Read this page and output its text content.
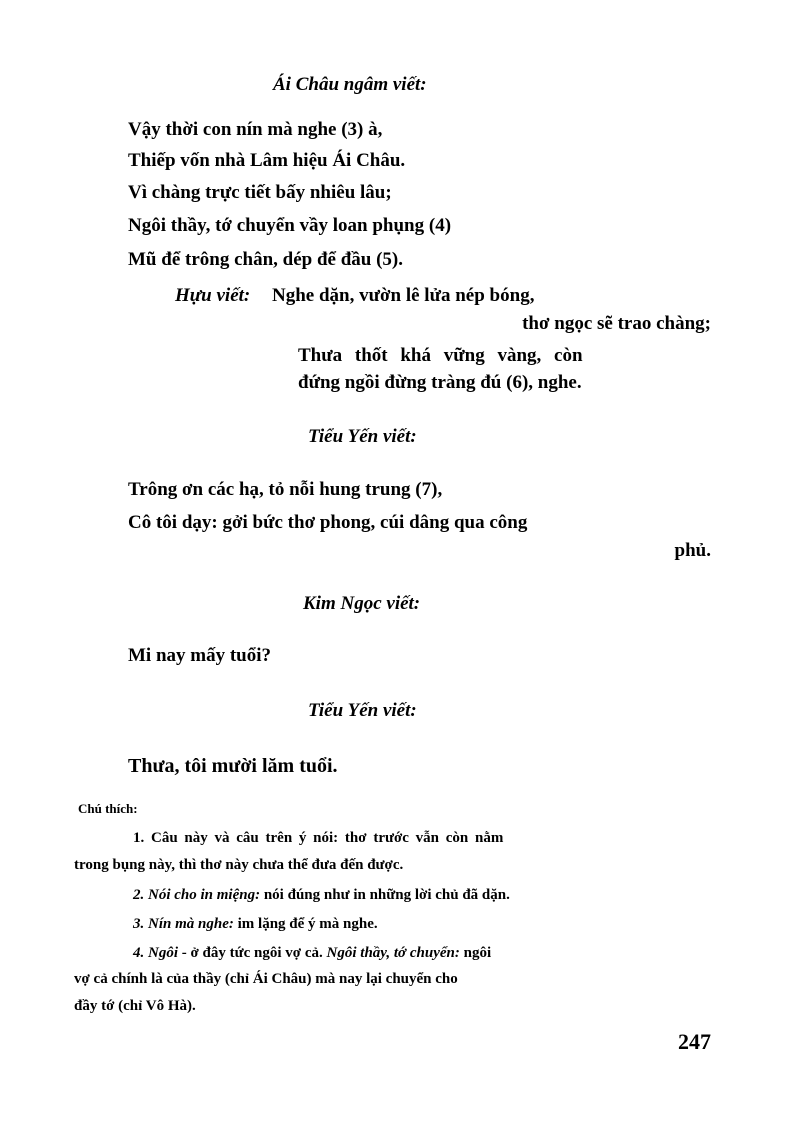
Ái Châu ngâm viết:
Vậy thời con nín mà nghe (3) à,
Thiếp vốn nhà Lâm hiệu Ái Châu.
Vì chàng trực tiết bấy nhiêu lâu;
Ngôi thầy, tớ chuyển vầy loan phụng (4)
Mũ để trông chân, dép để đầu (5).
Hựu viết: Nghe dặn, vườn lê lửa nép bóng,
thơ ngọc sẽ trao chàng;
Thưa thốt khá vững vàng, còn
đứng ngồi đừng tràng đú (6), nghe.
Tiểu Yến viết:
Trông ơn các hạ, tỏ nỗi hung trung (7),
Cô tôi dạy: gởi bức thơ phong, cúi dâng qua công
phủ.
Kim Ngọc viết:
Mi nay mấy tuổi?
Tiểu Yến viết:
Thưa, tôi mười lăm tuổi.
Chú thích:
1. Câu này và câu trên ý nói: thơ trước vẫn còn nằm
trong bụng này, thì thơ này chưa thể đưa đến được.
2. Nói cho in miệng: nói đúng như in những lời chủ đã dặn.
3. Nín mà nghe: im lặng để ý mà nghe.
4. Ngôi - ở đây tức ngôi vợ cả. Ngôi thầy, tớ chuyển: ngôi
vợ cả chính là của thầy (chỉ Ái Châu) mà nay lại chuyển cho
đầy tớ (chỉ Vô Hà).
247
